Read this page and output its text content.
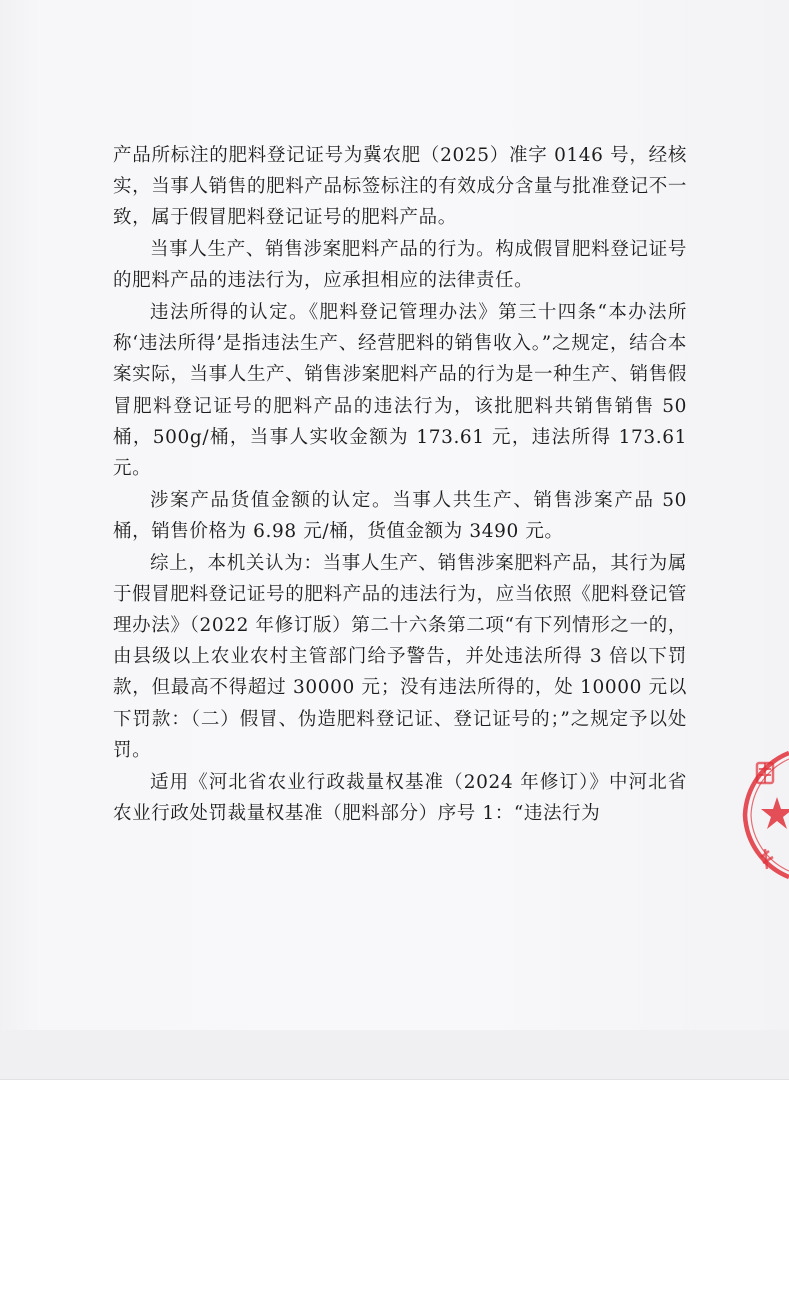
产品所标注的肥料登记证号为冀农肥（2025）准字 0146 号，经核实，当事人销售的肥料产品标签标注的有效成分含量与批准登记不一致，属于假冒肥料登记证号的肥料产品。

当事人生产、销售涉案肥料产品的行为。构成假冒肥料登记证号的肥料产品的违法行为，应承担相应的法律责任。

违法所得的认定。《肥料登记管理办法》第三十四条“本办法所称‘违法所得’是指违法生产、经营肥料的销售收入。”之规定，结合本案实际，当事人生产、销售涉案肥料产品的行为是一种生产、销售假冒肥料登记证号的肥料产品的违法行为，该批肥料共销售销售 50 桶，500g/桶，当事人实收金额为 173.61 元，违法所得 173.61 元。

涉案产品货值金额的认定。当事人共生产、销售涉案产品 50 桶，销售价格为 6.98 元/桶，货值金额为 3490 元。

综上，本机关认为：当事人生产、销售涉案肥料产品，其行为属于假冒肥料登记证号的肥料产品的违法行为，应当依照《肥料登记管理办法》（2022 年修订版）第二十六条第二项“有下列情形之一的，由县级以上农业农村主管部门给予警告，并处违法所得 3 倍以下罚款，但最高不得超过 30000 元；没有违法所得的，处 10000 元以下罚款：（二）假冒、伪造肥料登记证、登记证号的；”之规定予以处罚。

适用《河北省农业行政裁量权基准（2024 年修订）》中河北省农业行政处罚裁量权基准（肥料部分）序号 1：“违法行为
